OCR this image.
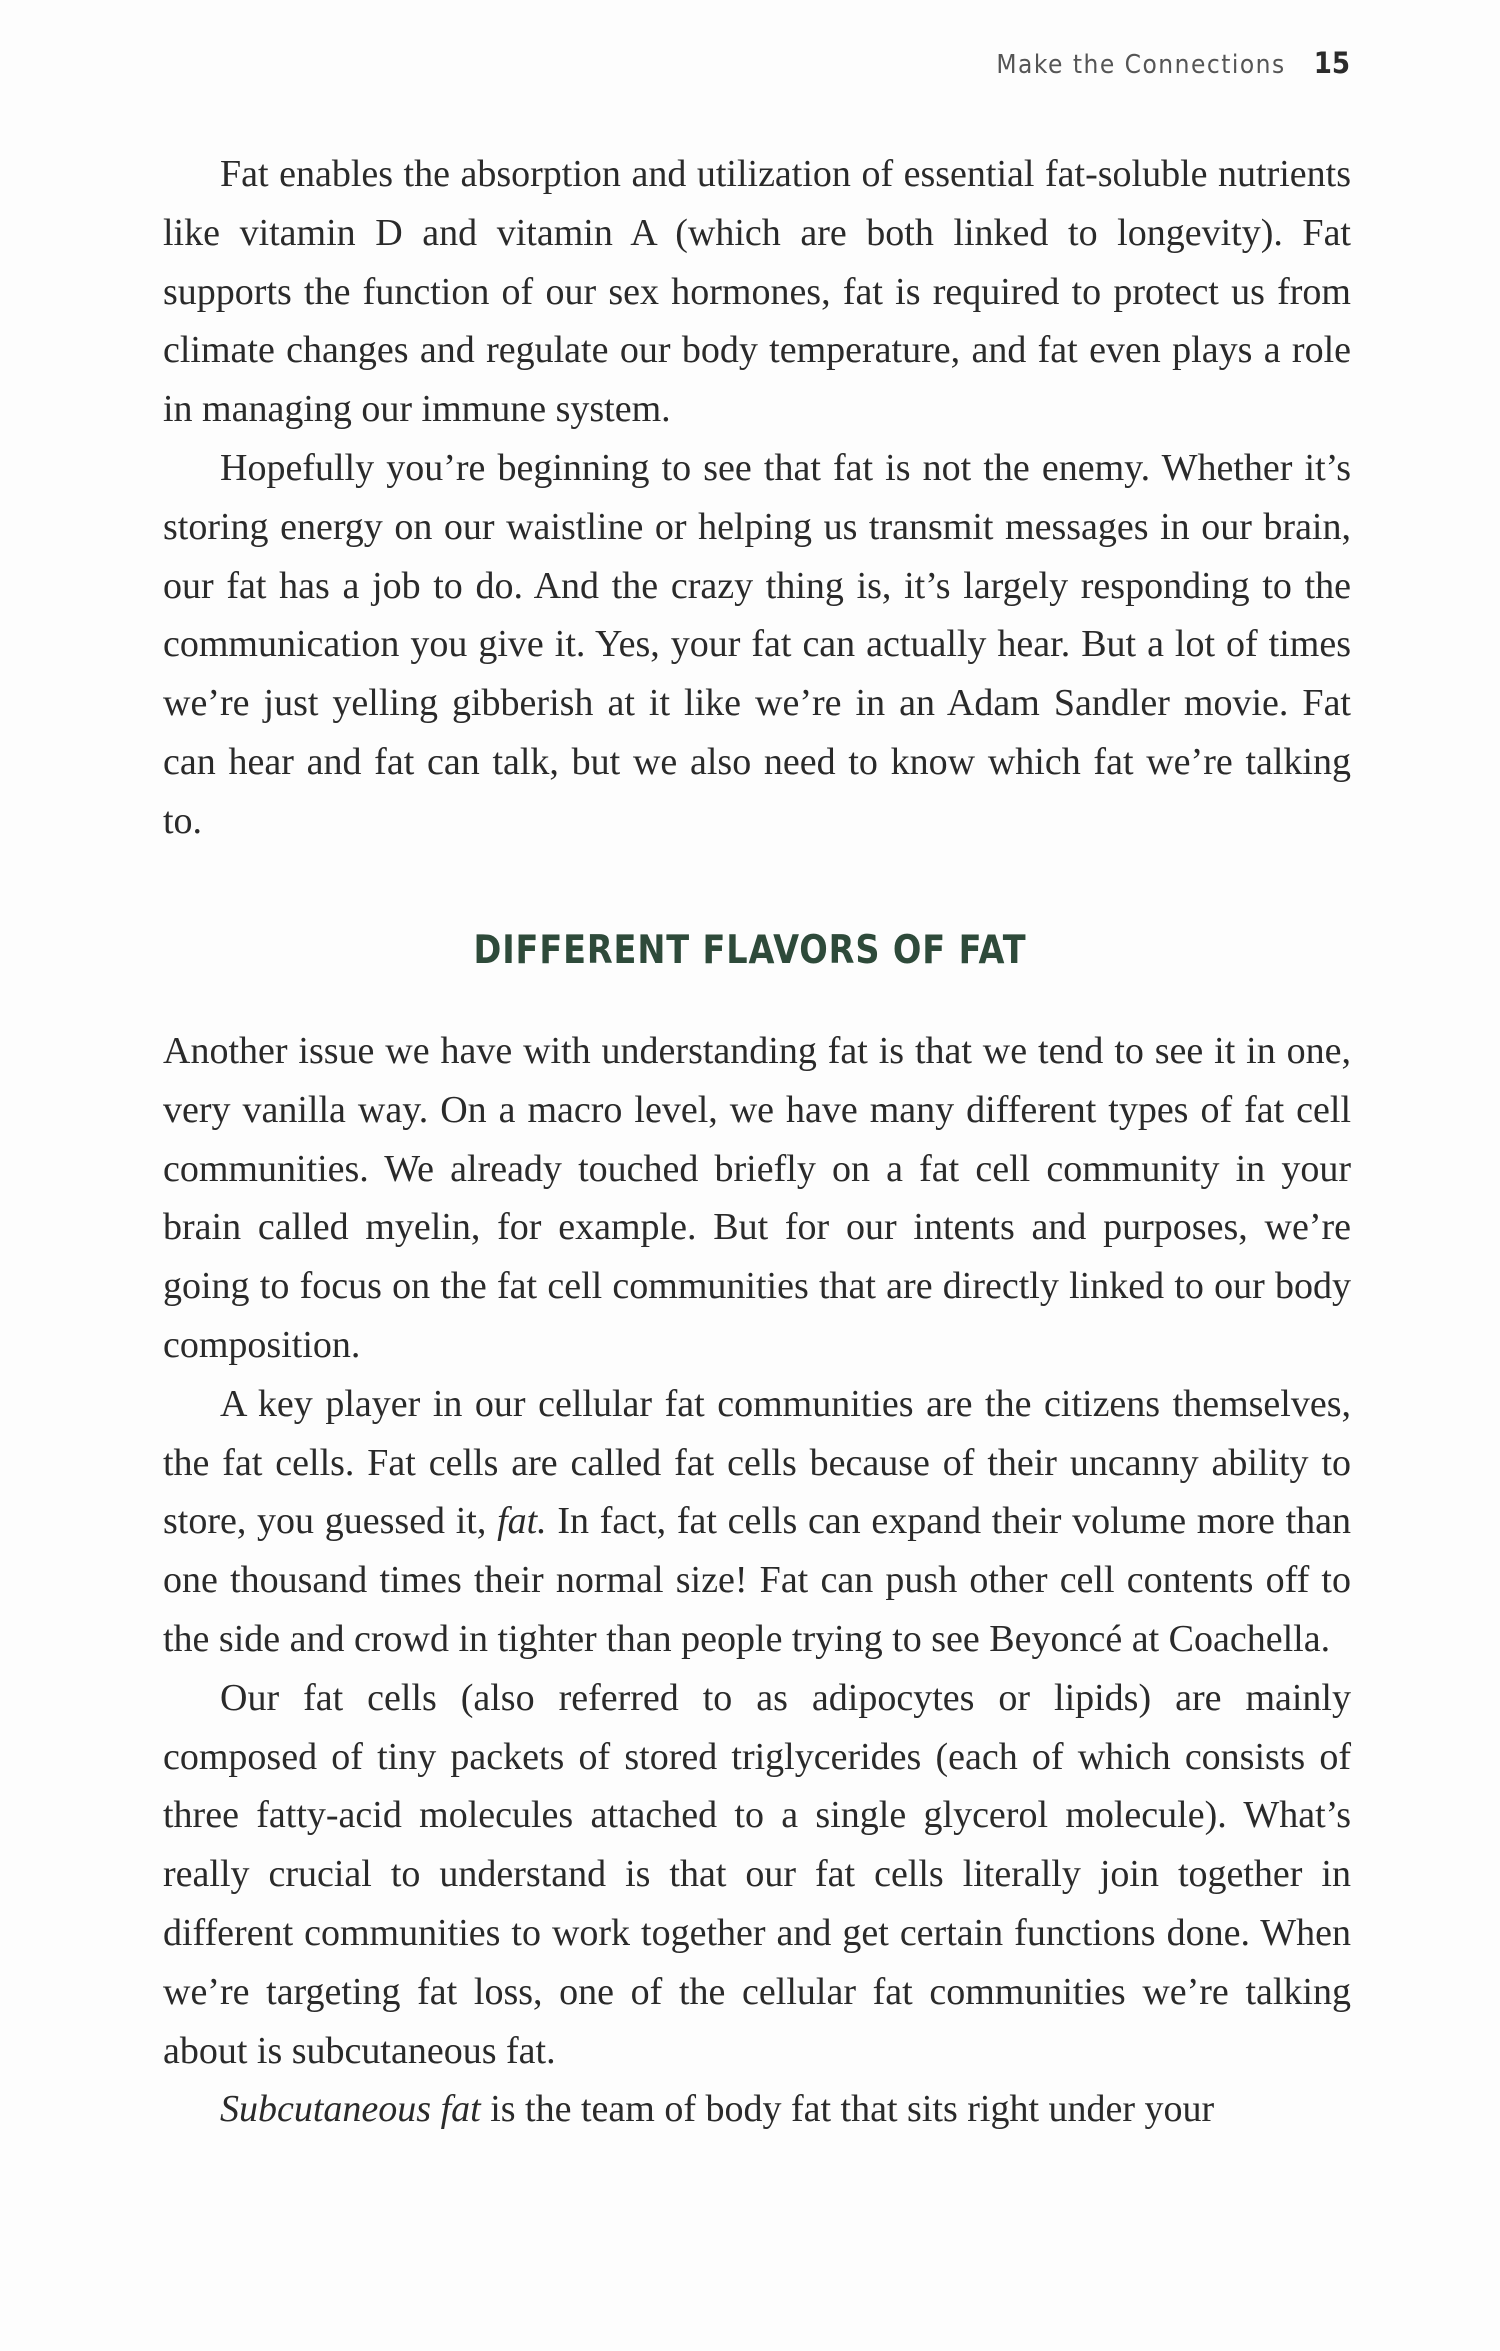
Make the Connections 15

Fat enables the absorption and utilization of essential fat-soluble nutrients like vitamin D and vitamin A (which are both linked to longevity). Fat supports the function of our sex hormones, fat is required to protect us from climate changes and regulate our body temperature, and fat even plays a role in managing our immune system.

Hopefully you’re beginning to see that fat is not the enemy. Whether it’s storing energy on our waistline or helping us transmit messages in our brain, our fat has a job to do. And the crazy thing is, it’s largely responding to the communication you give it. Yes, your fat can actually hear. But a lot of times we’re just yelling gibberish at it like we’re in an Adam Sandler movie. Fat can hear and fat can talk, but we also need to know which fat we’re talking to.

DIFFERENT FLAVORS OF FAT

Another issue we have with understanding fat is that we tend to see it in one, very vanilla way. On a macro level, we have many different types of fat cell communities. We already touched briefly on a fat cell community in your brain called myelin, for example. But for our intents and purposes, we’re going to focus on the fat cell communities that are directly linked to our body composition.

A key player in our cellular fat communities are the citizens themselves, the fat cells. Fat cells are called fat cells because of their uncanny ability to store, you guessed it, fat. In fact, fat cells can expand their volume more than one thousand times their normal size! Fat can push other cell contents off to the side and crowd in tighter than people trying to see Beyoncé at Coachella.

Our fat cells (also referred to as adipocytes or lipids) are mainly composed of tiny packets of stored triglycerides (each of which consists of three fatty-acid molecules attached to a single glycerol molecule). What’s really crucial to understand is that our fat cells literally join together in different communities to work together and get certain functions done. When we’re targeting fat loss, one of the cellular fat communities we’re talking about is subcutaneous fat.

Subcutaneous fat is the team of body fat that sits right under your
